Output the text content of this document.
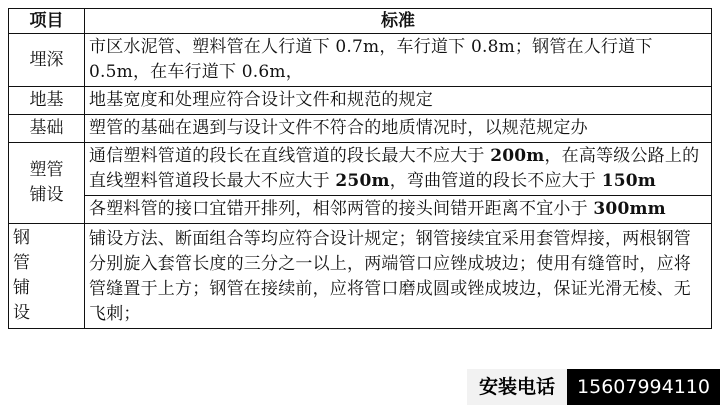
项目	标准
埋深	市区水泥管、塑料管在人行道下 0.7m，车行道下 0.8m；钢管在人行道下 0.5m，在车行道下 0.6m，
地基	地基宽度和处理应符合设计文件和规范的规定
基础	塑管的基础在遇到与设计文件不符合的地质情况时，以规范规定办
塑管
铺设	通信塑料管道的段长在直线管道的段长最大不应大于 200m，在高等级公路上的直线塑料管道段长最大不应大于 250m，弯曲管道的段长不应大于 150m
	各塑料管的接口宜错开排列，相邻两管的接头间错开距离不宜小于 300mm

钢
管
铺
设	铺设方法、断面组合等均应符合设计规定；钢管接续宜采用套管焊接，两根钢管分别旋入套管长度的三分之一以上，两端管口应锉成坡边；使用有缝管时，应将管缝置于上方；钢管在接续前，应将管口磨成圆或锉成坡边，保证光滑无棱、无飞刺；
安装电话	15607994110
